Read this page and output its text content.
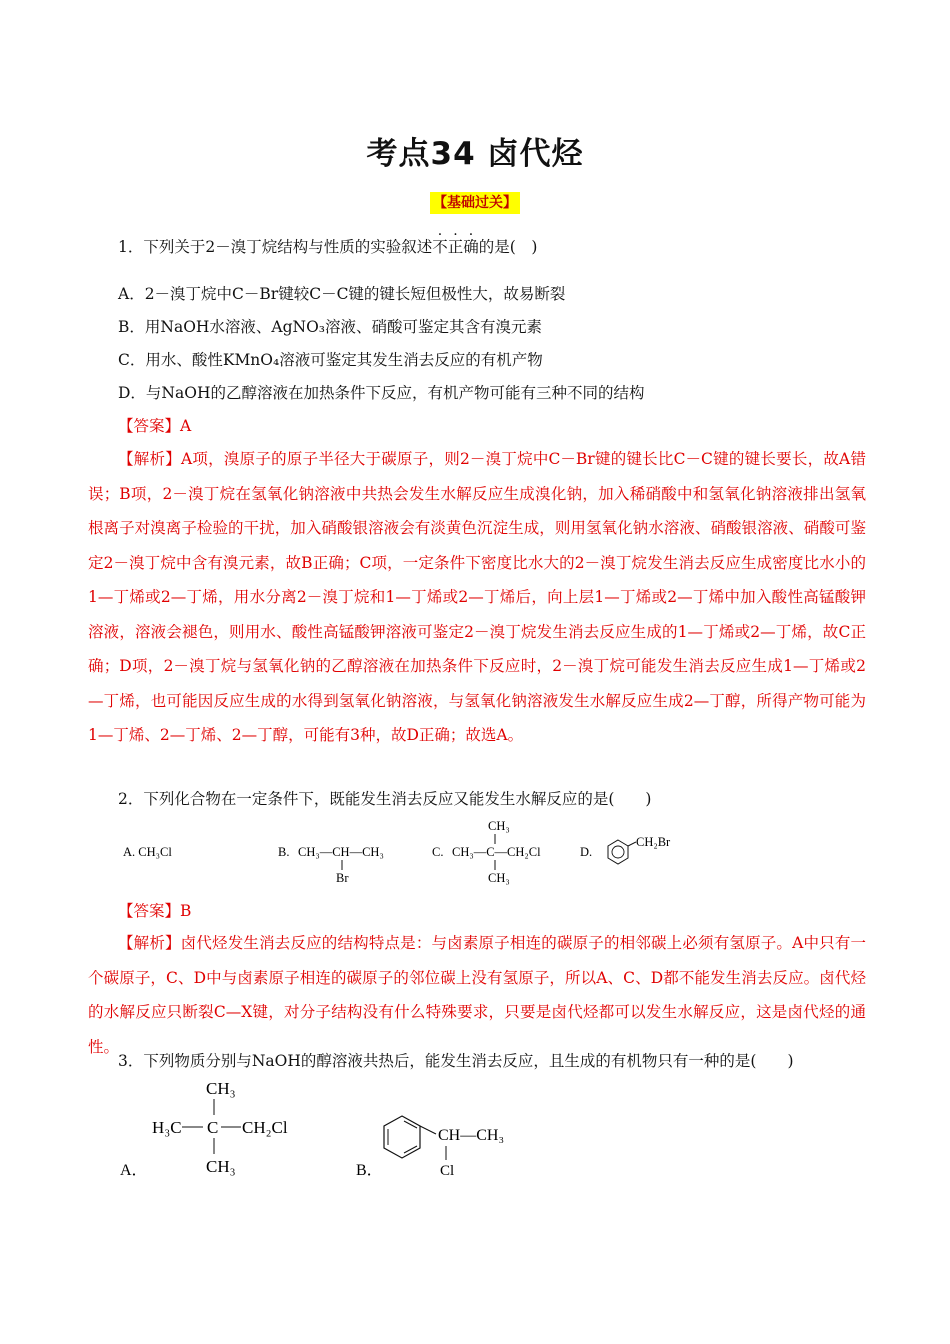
考点34 卤代烃
【基础过关】
1．下列关于2－溴丁烷结构与性质的实验叙述不正确的是(　)
A．2－溴丁烷中C－Br键较C－C键的键长短但极性大，故易断裂
B．用NaOH水溶液、AgNO₃溶液、硝酸可鉴定其含有溴元素
C．用水、酸性KMnO₄溶液可鉴定其发生消去反应的有机产物
D．与NaOH的乙醇溶液在加热条件下反应，有机产物可能有三种不同的结构
【答案】A
【解析】A项，溴原子的原子半径大于碳原子，则2－溴丁烷中C－Br键的键长比C－C键的键长要长，故A错误；B项，2－溴丁烷在氢氧化钠溶液中共热会发生水解反应生成溴化钠，加入稀硝酸中和氢氧化钠溶液排出氢氧根离子对溴离子检验的干扰，加入硝酸银溶液会有淡黄色沉淀生成，则用氢氧化钠水溶液、硝酸银溶液、硝酸可鉴定2－溴丁烷中含有溴元素，故B正确；C项，一定条件下密度比水大的2－溴丁烷发生消去反应生成密度比水小的1—丁烯或2—丁烯，用水分离2－溴丁烷和1—丁烯或2—丁烯后，向上层1—丁烯或2—丁烯中加入酸性高锰酸钾溶液，溶液会褪色，则用水、酸性高锰酸钾溶液可鉴定2－溴丁烷发生消去反应生成的1—丁烯或2—丁烯，故C正确；D项，2－溴丁烷与氢氧化钠的乙醇溶液在加热条件下反应时，2－溴丁烷可能发生消去反应生成1—丁烯或2—丁烯，也可能因反应生成的水得到氢氧化钠溶液，与氢氧化钠溶液发生水解反应生成2—丁醇，所得产物可能为1—丁烯、2—丁烯、2—丁醇，可能有3种，故D正确；故选A。
2．下列化合物在一定条件下，既能发生消去反应又能发生水解反应的是(　　)
A. CH₃Cl	B. CH₃—CH—CH₃
Br
C.
CH₃
CH₃—C—CH₂Cl
CH₃
D.
CH₂Br
【答案】B
【解析】卤代烃发生消去反应的结构特点是：与卤素原子相连的碳原子的相邻碳上必须有氢原子。A中只有一个碳原子，C、D中与卤素原子相连的碳原子的邻位碳上没有氢原子，所以A、C、D都不能发生消去反应。卤代烃的水解反应只断裂C—X键，对分子结构没有什么特殊要求，只要是卤代烃都可以发生水解反应，这是卤代烃的通性。
3．下列物质分别与NaOH的醇溶液共热后，能发生消去反应，且生成的有机物只有一种的是(　　)
A．
CH₃
H₃C C CH₂Cl
CH₃	B．
CH—CH₃
Cl
